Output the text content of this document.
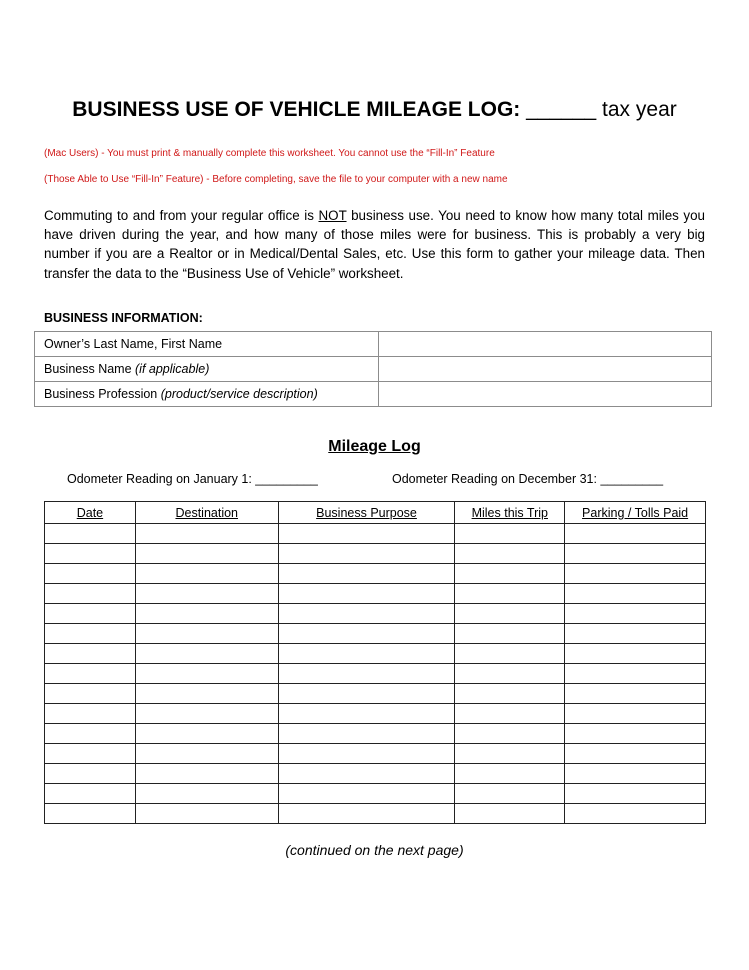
BUSINESS USE OF VEHICLE MILEAGE LOG: ______ tax year
(Mac Users) - You must print & manually complete this worksheet. You cannot use the “Fill-In” Feature
(Those Able to Use “Fill-In” Feature) - Before completing, save the file to your computer with a new name
Commuting to and from your regular office is NOT business use. You need to know how many total miles you have driven during the year, and how many of those miles were for business. This is probably a very big number if you are a Realtor or in Medical/Dental Sales, etc. Use this form to gather your mileage data. Then transfer the data to the “Business Use of Vehicle” worksheet.
BUSINESS INFORMATION:
Owner’s Last Name, First Name	
Business Name (if applicable)	
Business Profession (product/service description)	
Mileage Log
Odometer Reading on January 1: _________	Odometer Reading on December 31: _________
Date	Destination	Business Purpose	Miles this Trip	Parking / Tolls Paid

(continued on the next page)
